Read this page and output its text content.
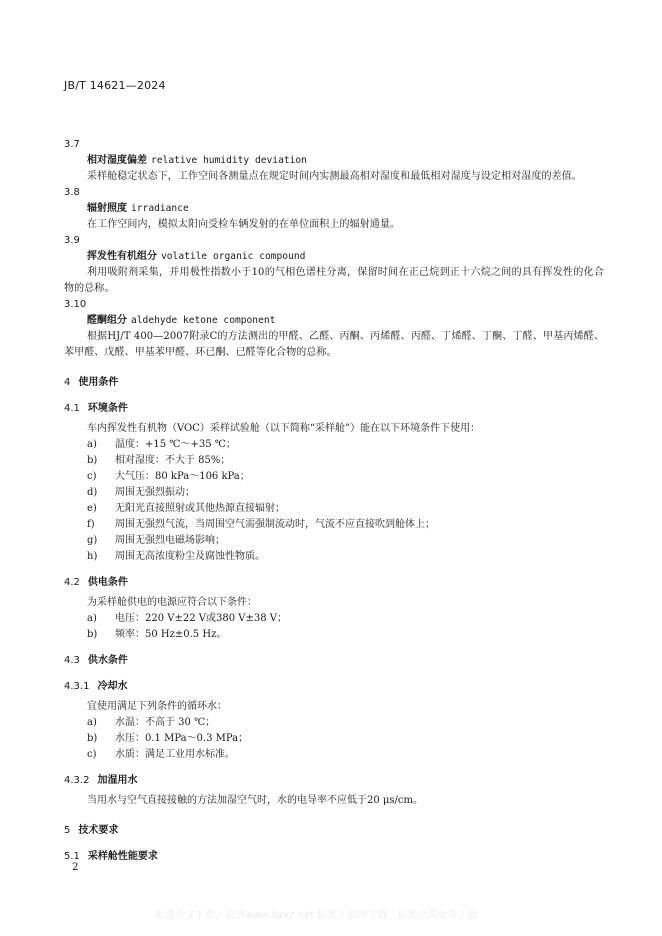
JB/T 14621—2024
3.7
相对湿度偏差 relative humidity deviation
采样舱稳定状态下，工作空间各测量点在规定时间内实测最高相对湿度和最低相对湿度与设定相对湿度的差值。
3.8
辐射照度 irradiance
在工作空间内，模拟太阳向受检车辆发射的在单位面积上的辐射通量。
3.9
挥发性有机组分 volatile organic compound
利用吸附剂采集，并用极性指数小于10的气相色谱柱分离，保留时间在正己烷到正十六烷之间的具有挥发性的化合物的总称。
3.10
醛酮组分 aldehyde ketone component
根据HJ/T 400—2007附录C的方法测出的甲醛、乙醛、丙酮、丙烯醛、丙醛、丁烯醛、丁酮、丁醛、甲基丙烯醛、苯甲醛、戊醛、甲基苯甲醛、环已酮、已醛等化合物的总称。
4 使用条件
4.1 环境条件
车内挥发性有机物（VOC）采样试验舱（以下简称“采样舱”）能在以下环境条件下使用：
a) 温度：+15 ℃～+35 ℃；
b) 相对湿度：不大于 85%；
c) 大气压：80 kPa～106 kPa；
d) 周围无强烈振动；
e) 无阳光直接照射或其他热源直接辐射；
f) 周围无强烈气流，当周围空气需强制流动时，气流不应直接吹到舱体上；
g) 周围无强烈电磁场影响；
h) 周围无高浓度粉尘及腐蚀性物质。
4.2 供电条件
为采样舱供电的电源应符合以下条件：
a) 电压：220 V±22 V或380 V±38 V；
b) 频率：50 Hz±0.5 Hz。
4.3 供水条件
4.3.1 冷却水
宜使用满足下列条件的循环水：
a) 水温：不高于 30 ℃；
b) 水压：0.1 MPa～0.3 MPa；
c) 水质：满足工业用水标准。
4.3.2 加湿用水
当用水与空气直接接触的方法加湿空气时，水的电导率不应低于20 μs/cm。
5 技术要求
5.1 采样舱性能要求
2
标准全文下载，请到www.bzxz.net 标准下载网下载，标准全部免费下载
